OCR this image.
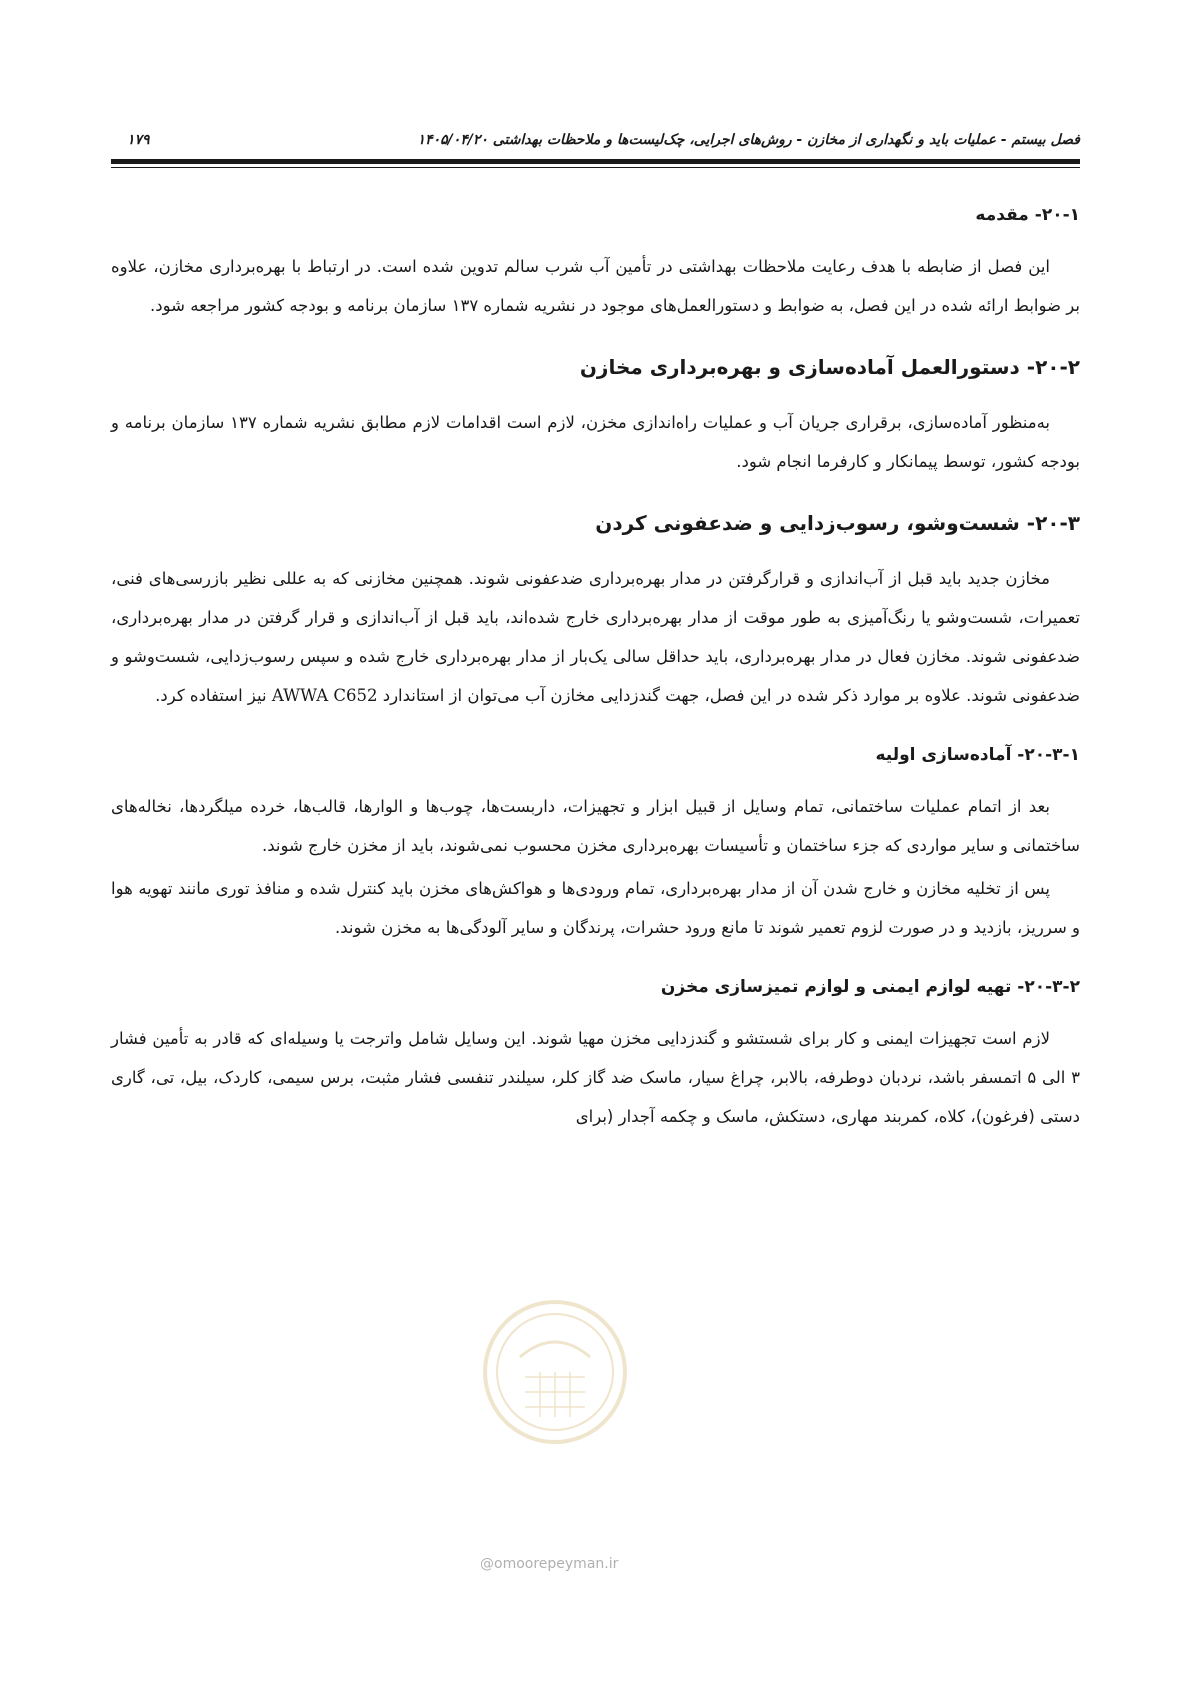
فصل بیستم - عملیات باید و نگهداری از مخازن - روش‌های اجرایی، چک‌لیست‌ها و ملاحظات بهداشتی ۱۴۰۵/۰۴/۲۰
۱۷۹
۲۰-۱- مقدمه

این فصل از ضابطه با هدف رعایت ملاحظات بهداشتی در تأمین آب شرب سالم تدوین شده است. در ارتباط با بهره‌برداری مخازن، علاوه بر ضوابط ارائه شده در این فصل، به ضوابط و دستورالعمل‌های موجود در نشریه شماره ۱۳۷ سازمان برنامه و بودجه کشور مراجعه شود.

۲۰-۲- دستورالعمل آماده‌سازی و بهره‌برداری مخازن

به‌منظور آماده‌سازی، برقراری جریان آب و عملیات راه‌اندازی مخزن، لازم است اقدامات لازم مطابق نشریه شماره ۱۳۷ سازمان برنامه و بودجه کشور، توسط پیمانکار و کارفرما انجام شود.

۲۰-۳- شست‌وشو، رسوب‌زدایی و ضدعفونی کردن

مخازن جدید باید قبل از آب‌اندازی و قرارگرفتن در مدار بهره‌برداری ضدعفونی شوند. همچنین مخازنی که به عللی نظیر بازرسی‌های فنی، تعمیرات، شست‌وشو یا رنگ‌آمیزی به طور موقت از مدار بهره‌برداری خارج شده‌اند، باید قبل از آب‌اندازی و قرار گرفتن در مدار بهره‌برداری، ضدعفونی شوند. مخازن فعال در مدار بهره‌برداری، باید حداقل سالی یک‌بار از مدار بهره‌برداری خارج شده و سپس رسوب‌زدایی، شست‌وشو و ضدعفونی شوند. علاوه بر موارد ذکر شده در این فصل، جهت گندزدایی مخازن آب می‌توان از استاندارد AWWA C652 نیز استفاده کرد.

۲۰-۳-۱- آماده‌سازی اولیه

بعد از اتمام عملیات ساختمانی، تمام وسایل از قبیل ابزار و تجهیزات، داربست‌ها، چوب‌ها و الوارها، قالب‌ها، خرده میلگردها، نخاله‌های ساختمانی و سایر مواردی که جزء ساختمان و تأسیسات بهره‌برداری مخزن محسوب نمی‌شوند، باید از مخزن خارج شوند.

پس از تخلیه مخازن و خارج شدن آن از مدار بهره‌برداری، تمام ورودی‌ها و هواکش‌های مخزن باید کنترل شده و منافذ توری مانند تهویه هوا و سرریز، بازدید و در صورت لزوم تعمیر شوند تا مانع ورود حشرات، پرندگان و سایر آلودگی‌ها به مخزن شوند.

۲۰-۳-۲- تهیه لوازم ایمنی و لوازم تمیزسازی مخزن

لازم است تجهیزات ایمنی و کار برای شستشو و گندزدایی مخزن مهیا شوند. این وسایل شامل واترجت یا وسیله‌ای که قادر به تأمین فشار ۳ الی ۵ اتمسفر باشد، نردبان دوطرفه، بالابر، چراغ سیار، ماسک ضد گاز کلر، سیلندر تنفسی فشار مثبت، برس سیمی، کاردک، بیل، تی، گاری دستی (فرغون)، کلاه، کمربند مهاری، دستکش، ماسک و چکمه آجدار (برای

@omoorepeyman.ir
